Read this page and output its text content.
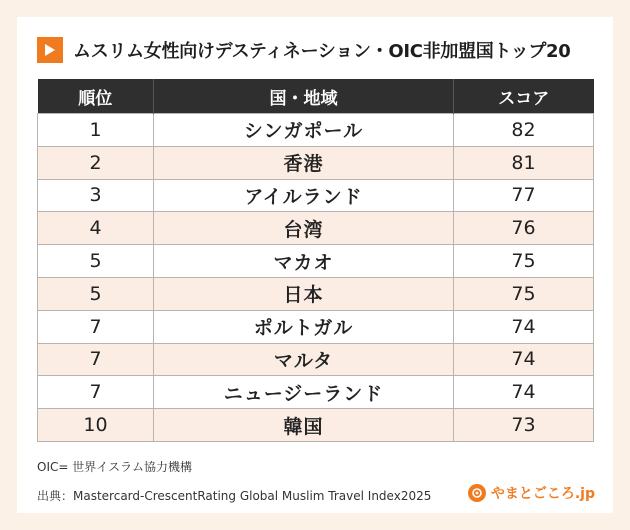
ムスリム女性向けデスティネーション・OIC非加盟国トップ20
順位	国・地域	スコア
1	シンガポール	82
2	香港	81
3	アイルランド	77
4	台湾	76
5	マカオ	75
5	日本	75
7	ポルトガル	74
7	マルタ	74
7	ニュージーランド	74
10	韓国	73
OIC= 世界イスラム協力機構
出典：Mastercard-CrescentRating Global Muslim Travel Index2025	やまとごころ.jp
